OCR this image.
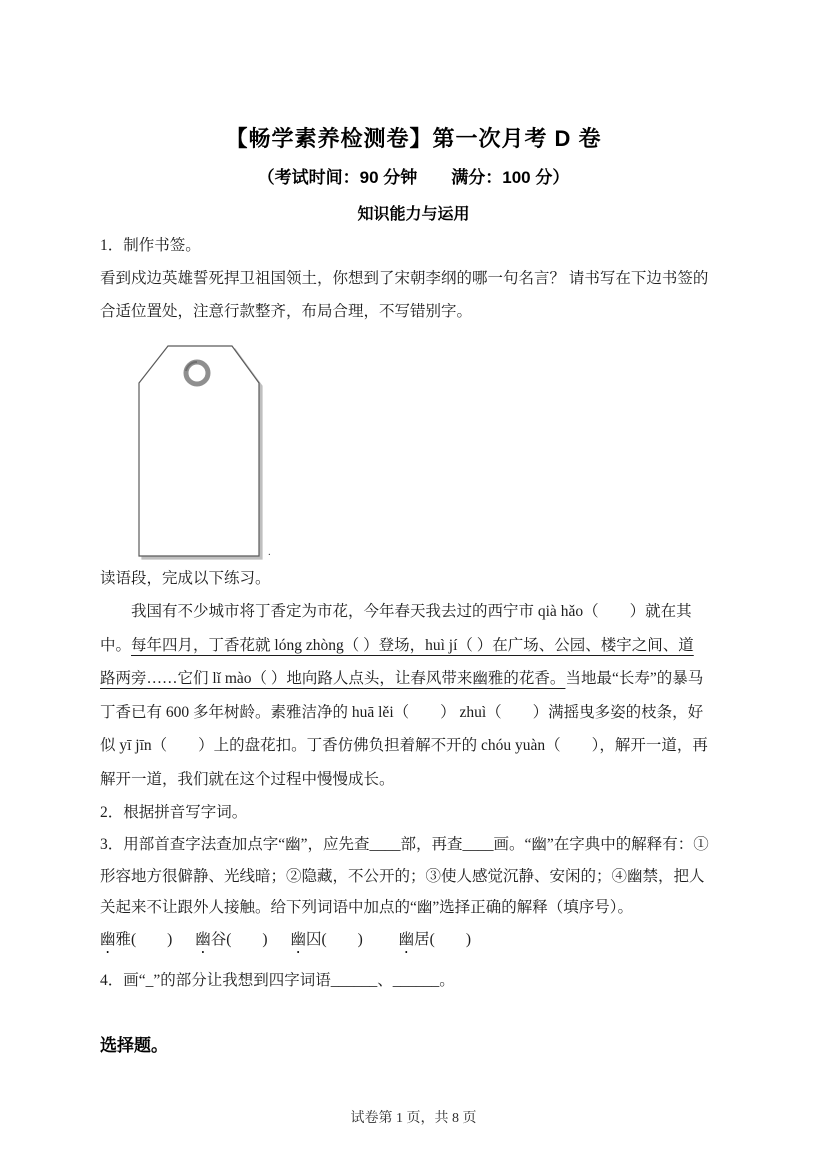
【畅学素养检测卷】第一次月考 D 卷
（考试时间：90 分钟　　满分：100 分）
知识能力与运用
1．制作书签。
看到戍边英雄誓死捍卫祖国领土，你想到了宋朝李纲的哪一句名言？ 请书写在下边书签的
合适位置处，注意行款整齐，布局合理，不写错别字。
.
读语段，完成以下练习。
　　我国有不少城市将丁香定为市花，今年春天我去过的西宁市 qià hǎo（　　）就在其
中。每年四月，丁香花就 lóng zhòng（ ）登场，huì jí（ ）在广场、公园、楼宇之间、道
路两旁……它们 lǐ mào（ ）地向路人点头，让春风带来幽雅的花香。当地最“长寿”的暴马
丁香已有 600 多年树龄。素雅洁净的 huā lěi（　　） zhuì（　　）满摇曳多姿的枝条，好
似 yī jīn（　　）上的盘花扣。丁香仿佛负担着解不开的 chóu yuàn（　　），解开一道，再
解开一道，我们就在这个过程中慢慢成长。
2．根据拼音写字词。
3．用部首查字法查加点字“幽”，应先查____部，再查____画。“幽”在字典中的解释有：①
形容地方很僻静、光线暗；②隐藏，不公开的；③使人感觉沉静、安闲的；④幽禁，把人
关起来不让跟外人接触。给下列词语中加点的“幽”选择正确的解释（填序号）。
幽雅(　　) 幽谷(　　) 幽囚(　　) 幽居(　　)
4．画“_”的部分让我想到四字词语______、______。
选择题。
试卷第 1 页，共 8 页
